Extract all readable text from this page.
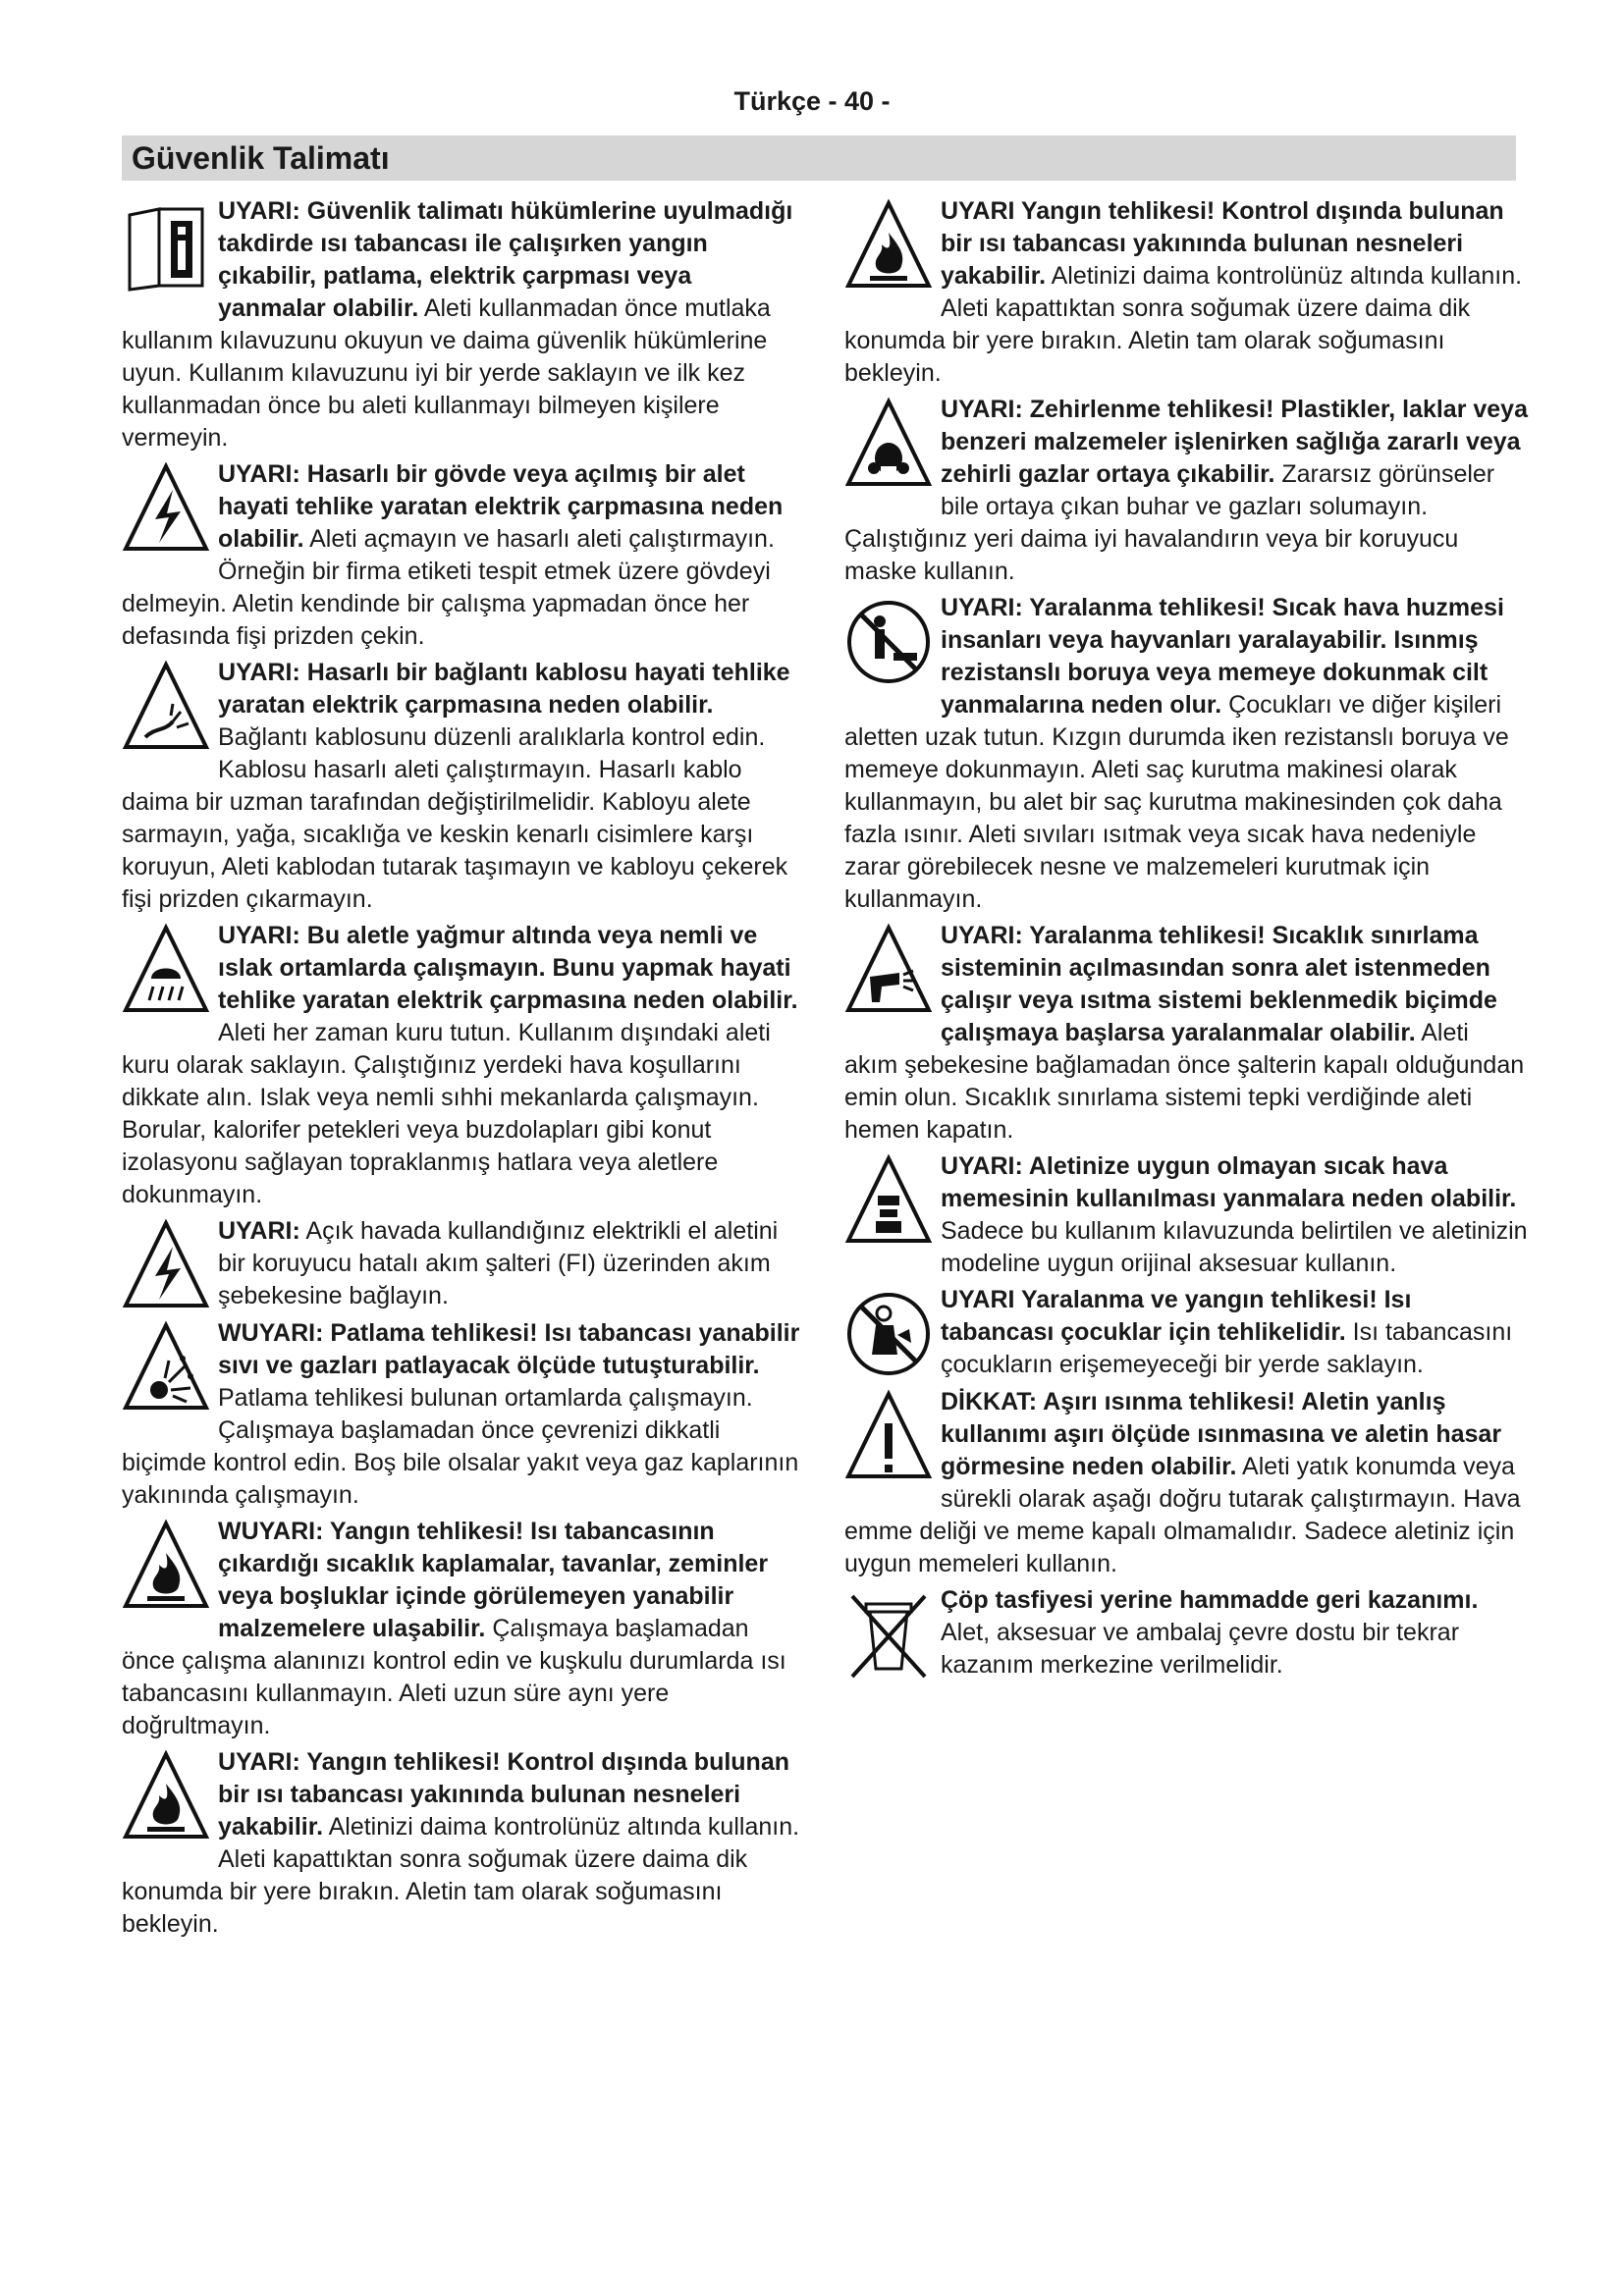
Türkçe - 40 -
Güvenlik Talimatı

UYARI: Güvenlik talimatı hükümlerine uyulmadığı takdirde ısı tabancası ile çalışırken yangın çıkabilir, patlama, elektrik çarpması veya yanmalar olabilir. Aleti kullanmadan önce mutlaka kullanım kılavuzunu okuyun ve daima güvenlik hükümlerine uyun. Kullanım kılavuzunu iyi bir yerde saklayın ve ilk kez kullanmadan önce bu aleti kullanmayı bilmeyen kişilere vermeyin.

UYARI: Hasarlı bir gövde veya açılmış bir alet hayati tehlike yaratan elektrik çarpmasına neden olabilir. Aleti açmayın ve hasarlı aleti çalıştırmayın. Örneğin bir firma etiketi tespit etmek üzere gövdeyi delmeyin. Aletin kendinde bir çalışma yapmadan önce her defasında fişi prizden çekin.

UYARI: Hasarlı bir bağlantı kablosu hayati tehlike yaratan elektrik çarpmasına neden olabilir. Bağlantı kablosunu düzenli aralıklarla kontrol edin. Kablosu hasarlı aleti çalıştırmayın. Hasarlı kablo daima bir uzman tarafından değiştirilmelidir. Kabloyu alete sarmayın, yağa, sıcaklığa ve keskin kenarlı cisimlere karşı koruyun, Aleti kablodan tutarak taşımayın ve kabloyu çekerek fişi prizden çıkarmayın.

UYARI: Bu aletle yağmur altında veya nemli ve ıslak ortamlarda çalışmayın. Bunu yapmak hayati tehlike yaratan elektrik çarpmasına neden olabilir. Aleti her zaman kuru tutun. Kullanım dışındaki aleti kuru olarak saklayın. Çalıştığınız yerdeki hava koşullarını dikkate alın. Islak veya nemli sıhhi mekanlarda çalışmayın. Borular, kalorifer petekleri veya buzdolapları gibi konut izolasyonu sağlayan topraklanmış hatlara veya aletlere dokunmayın.

UYARI: Açık havada kullandığınız elektrikli el aletini bir koruyucu hatalı akım şalteri (FI) üzerinden akım şebekesine bağlayın.

WUYARI: Patlama tehlikesi! Isı tabancası yanabilir sıvı ve gazları patlayacak ölçüde tutuşturabilir. Patlama tehlikesi bulunan ortamlarda çalışmayın. Çalışmaya başlamadan önce çevrenizi dikkatli biçimde kontrol edin. Boş bile olsalar yakıt veya gaz kaplarının yakınında çalışmayın.

WUYARI: Yangın tehlikesi! Isı tabancasının çıkardığı sıcaklık kaplamalar, tavanlar, zeminler veya boşluklar içinde görülemeyen yanabilir malzemelere ulaşabilir. Çalışmaya başlamadan önce çalışma alanınızı kontrol edin ve kuşkulu durumlarda ısı tabancasını kullanmayın. Aleti uzun süre aynı yere doğrultmayın.

UYARI: Yangın tehlikesi! Kontrol dışında bulunan bir ısı tabancası yakınında bulunan nesneleri yakabilir. Aletinizi daima kontrolünüz altında kullanın. Aleti kapattıktan sonra soğumak üzere daima dik konumda bir yere bırakın. Aletin tam olarak soğumasını bekleyin.

UYARI Yangın tehlikesi! Kontrol dışında bulunan bir ısı tabancası yakınında bulunan nesneleri yakabilir. Aletinizi daima kontrolünüz altında kullanın. Aleti kapattıktan sonra soğumak üzere daima dik konumda bir yere bırakın. Aletin tam olarak soğumasını bekleyin.

UYARI: Zehirlenme tehlikesi! Plastikler, laklar veya benzeri malzemeler işlenirken sağlığa zararlı veya zehirli gazlar ortaya çıkabilir. Zararsız görünseler bile ortaya çıkan buhar ve gazları solumayın. Çalıştığınız yeri daima iyi havalandırın veya bir koruyucu maske kullanın.

UYARI: Yaralanma tehlikesi! Sıcak hava huzmesi insanları veya hayvanları yaralayabilir. Isınmış rezistanslı boruya veya memeye dokunmak cilt yanmalarına neden olur. Çocukları ve diğer kişileri aletten uzak tutun. Kızgın durumda iken rezistanslı boruya ve memeye dokunmayın. Aleti saç kurutma makinesi olarak kullanmayın, bu alet bir saç kurutma makinesinden çok daha fazla ısınır. Aleti sıvıları ısıtmak veya sıcak hava nedeniyle zarar görebilecek nesne ve malzemeleri kurutmak için kullanmayın.

UYARI: Yaralanma tehlikesi! Sıcaklık sınırlama sisteminin açılmasından sonra alet istenmeden çalışır veya ısıtma sistemi beklenmedik biçimde çalışmaya başlarsa yaralanmalar olabilir. Aleti akım şebekesine bağlamadan önce şalterin kapalı olduğundan emin olun. Sıcaklık sınırlama sistemi tepki verdiğinde aleti hemen kapatın.

UYARI: Aletinize uygun olmayan sıcak hava memesinin kullanılması yanmalara neden olabilir. Sadece bu kullanım kılavuzunda belirtilen ve aletinizin modeline uygun orijinal aksesuar kullanın.

UYARI Yaralanma ve yangın tehlikesi! Isı tabancası çocuklar için tehlikelidir. Isı tabancasını çocukların erişemeyeceği bir yerde saklayın.

DİKKAT: Aşırı ısınma tehlikesi! Aletin yanlış kullanımı aşırı ölçüde ısınmasına ve aletin hasar görmesine neden olabilir. Aleti yatık konumda veya sürekli olarak aşağı doğru tutarak çalıştırmayın. Hava emme deliği ve meme kapalı olmamalıdır. Sadece aletiniz için uygun memeleri kullanın.

Çöp tasfiyesi yerine hammadde geri kazanımı. Alet, aksesuar ve ambalaj çevre dostu bir tekrar kazanım merkezine verilmelidir.
